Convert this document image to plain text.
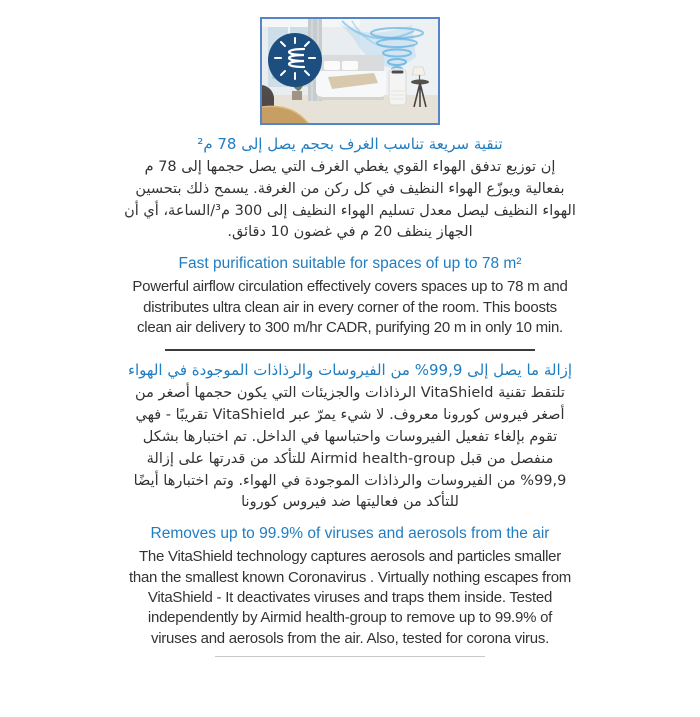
تنقية سريعة تناسب الغرف بحجم يصل إلى 78 م²

إن توزيع تدفق الهواء القوي يغطي الغرف التي يصل حجمها إلى 78 م بفعالية ويوزّع الهواء النظيف في كل ركن من الغرفة. يسمح ذلك بتحسين الهواء النظيف ليصل معدل تسليم الهواء النظيف إلى 300 م³/الساعة، أي أن الجهاز ينظف 20 م في غضون 10 دقائق.

Fast purification suitable for spaces of up to 78 m²

Powerful airflow circulation effectively covers spaces up to 78 m and distributes ultra clean air in every corner of the room. This boosts clean air delivery to 300 m/hr CADR, purifying 20 m in only 10 min.

إزالة ما يصل إلى 99,9% من الفيروسات والرذاذات الموجودة في الهواء

تلتقط تقنية VitaShield الرذاذات والجزيئات التي يكون حجمها أصغر من أصغر فيروس كورونا معروف. لا شيء يمرّ عبر VitaShield تقريبًا - فهي تقوم بإلغاء تفعيل الفيروسات واحتباسها في الداخل. تم اختبارها بشكل منفصل من قبل Airmid health-group للتأكد من قدرتها على إزالة 99,9% من الفيروسات والرذاذات الموجودة في الهواء. وتم اختبارها أيضًا للتأكد من فعاليتها ضد فيروس كورونا

Removes up to 99.9% of viruses and aerosols from the air

The VitaShield technology captures aerosols and particles smaller than the smallest known Coronavirus . Virtually nothing escapes from VitaShield - It deactivates viruses and traps them inside. Tested independently by Airmid health-group to remove up to 99.9% of viruses and aerosols from the air. Also, tested for corona virus.
